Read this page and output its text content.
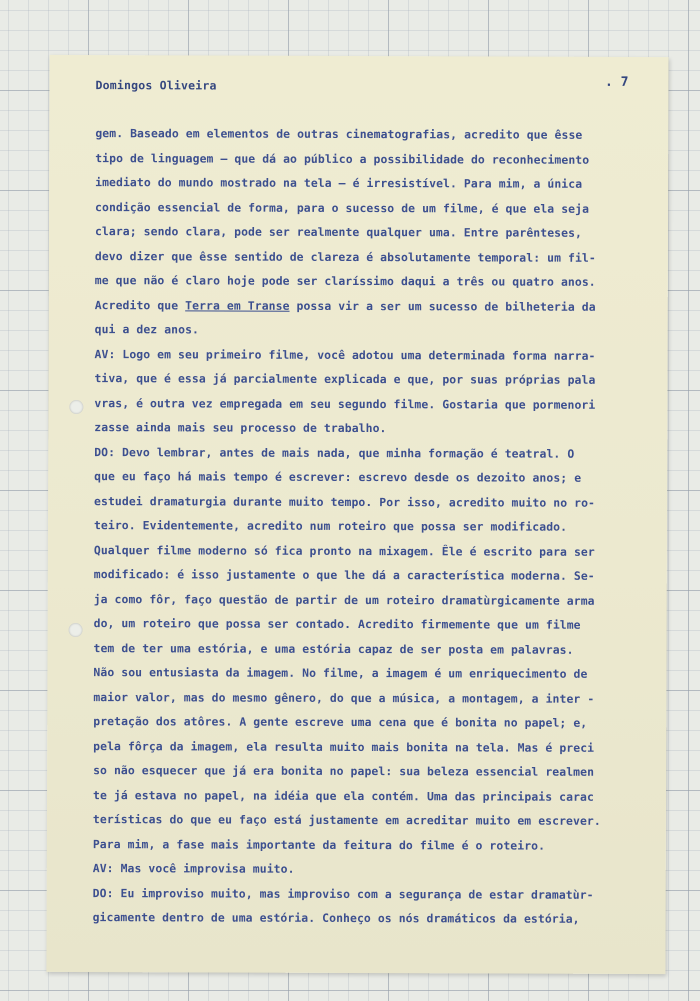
Domingos Oliveira	. 7
gem. Baseado em elementos de outras cinematografias, acredito que êsse
tipo de linguagem — que dá ao público a possibilidade do reconhecimento
imediato do mundo mostrado na tela — é irresistível. Para mim, a única
condição essencial de forma, para o sucesso de um filme, é que ela seja
clara; sendo clara, pode ser realmente qualquer uma. Entre parênteses,
devo dizer que êsse sentido de clareza é absolutamente temporal: um fil-
me que não é claro hoje pode ser claríssimo daqui a três ou quatro anos.
Acredito que Terra em Transe possa vir a ser um sucesso de bilheteria da
qui a dez anos.
AV: Logo em seu primeiro filme, você adotou uma determinada forma narra-
tiva, que é essa já parcialmente explicada e que, por suas próprias pala
vras, é outra vez empregada em seu segundo filme. Gostaria que pormenori
zasse ainda mais seu processo de trabalho.
DO: Devo lembrar, antes de mais nada, que minha formação é teatral. O
que eu faço há mais tempo é escrever: escrevo desde os dezoito anos; e
estudei dramaturgia durante muito tempo. Por isso, acredito muito no ro-
teiro. Evidentemente, acredito num roteiro que possa ser modificado.
Qualquer filme moderno só fica pronto na mixagem. Êle é escrito para ser
modificado: é isso justamente o que lhe dá a característica moderna. Se-
ja como fôr, faço questão de partir de um roteiro dramatùrgicamente arma
do, um roteiro que possa ser contado. Acredito firmemente que um filme
tem de ter uma estória, e uma estória capaz de ser posta em palavras.
Não sou entusiasta da imagem. No filme, a imagem é um enriquecimento de
maior valor, mas do mesmo gênero, do que a música, a montagem, a inter -
pretação dos atôres. A gente escreve uma cena que é bonita no papel; e,
pela fôrça da imagem, ela resulta muito mais bonita na tela. Mas é preci
so não esquecer que já era bonita no papel: sua beleza essencial realmen
te já estava no papel, na idéia que ela contém. Uma das principais carac
terísticas do que eu faço está justamente em acreditar muito em escrever.
Para mim, a fase mais importante da feitura do filme é o roteiro.
AV: Mas você improvisa muito.
DO: Eu improviso muito, mas improviso com a segurança de estar dramatùr-
gicamente dentro de uma estória. Conheço os nós dramáticos da estória,
